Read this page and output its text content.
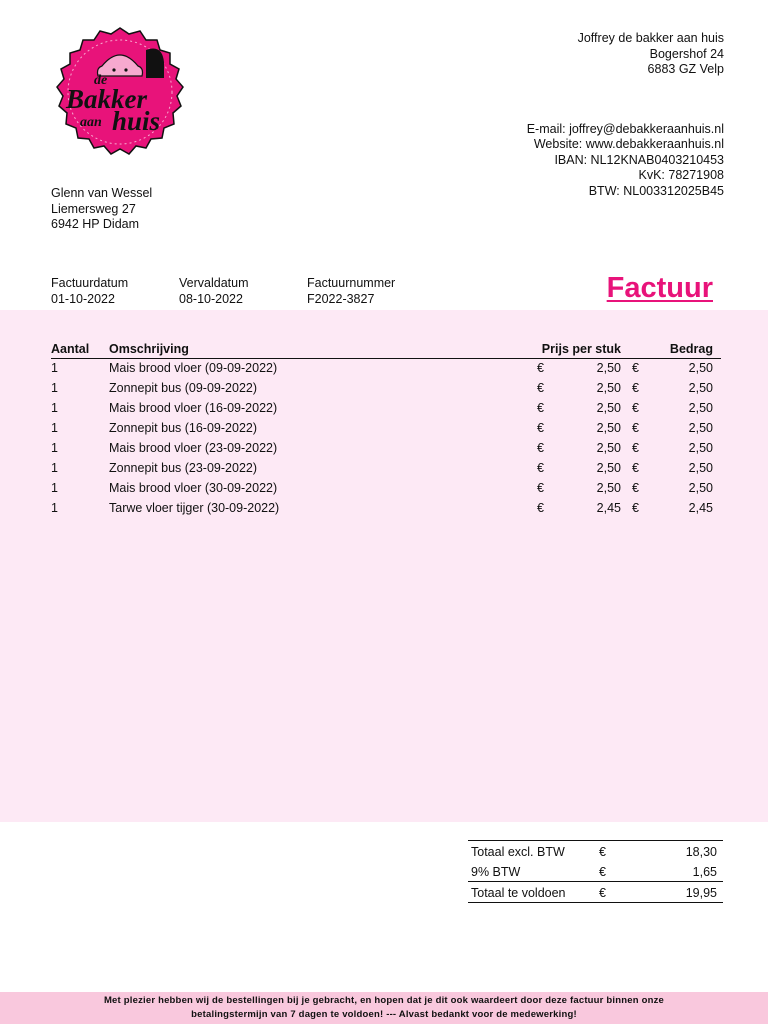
de
Bakker
aan huis
Joffrey de bakker aan huis
Bogershof 24
6883 GZ Velp
E-mail: joffrey@debakkeraanhuis.nl
Website: www.debakkeraanhuis.nl
IBAN: NL12KNAB0403210453
KvK: 78271908
BTW: NL003312025B45
Glenn van Wessel
Liemersweg 27
6942 HP Didam
Factuurdatum
01-10-2022
Vervaldatum
08-10-2022
Factuurnummer
F2022-3827	Factuur
Aantal Omschrijving	Prijs per stuk	Bedrag
1	Mais brood vloer (09-09-2022)	€	2,50 €	2,50
1	Zonnepit bus (09-09-2022)	€	2,50 €	2,50
1	Mais brood vloer (16-09-2022)	€	2,50 €	2,50
1	Zonnepit bus (16-09-2022)	€	2,50 €	2,50
1	Mais brood vloer (23-09-2022)	€	2,50 €	2,50
1	Zonnepit bus (23-09-2022)	€	2,50 €	2,50
1	Mais brood vloer (30-09-2022)	€	2,50 €	2,50
1	Tarwe vloer tijger (30-09-2022)	€	2,45 €	2,45
Totaal excl. BTW	€	18,30
9% BTW	€	1,65
Totaal te voldoen	€	19,95
Met plezier hebben wij de bestellingen bij je gebracht, en hopen dat je dit ook waardeert door deze factuur binnen onze
betalingstermijn van 7 dagen te voldoen! --- Alvast bedankt voor de medewerking!
